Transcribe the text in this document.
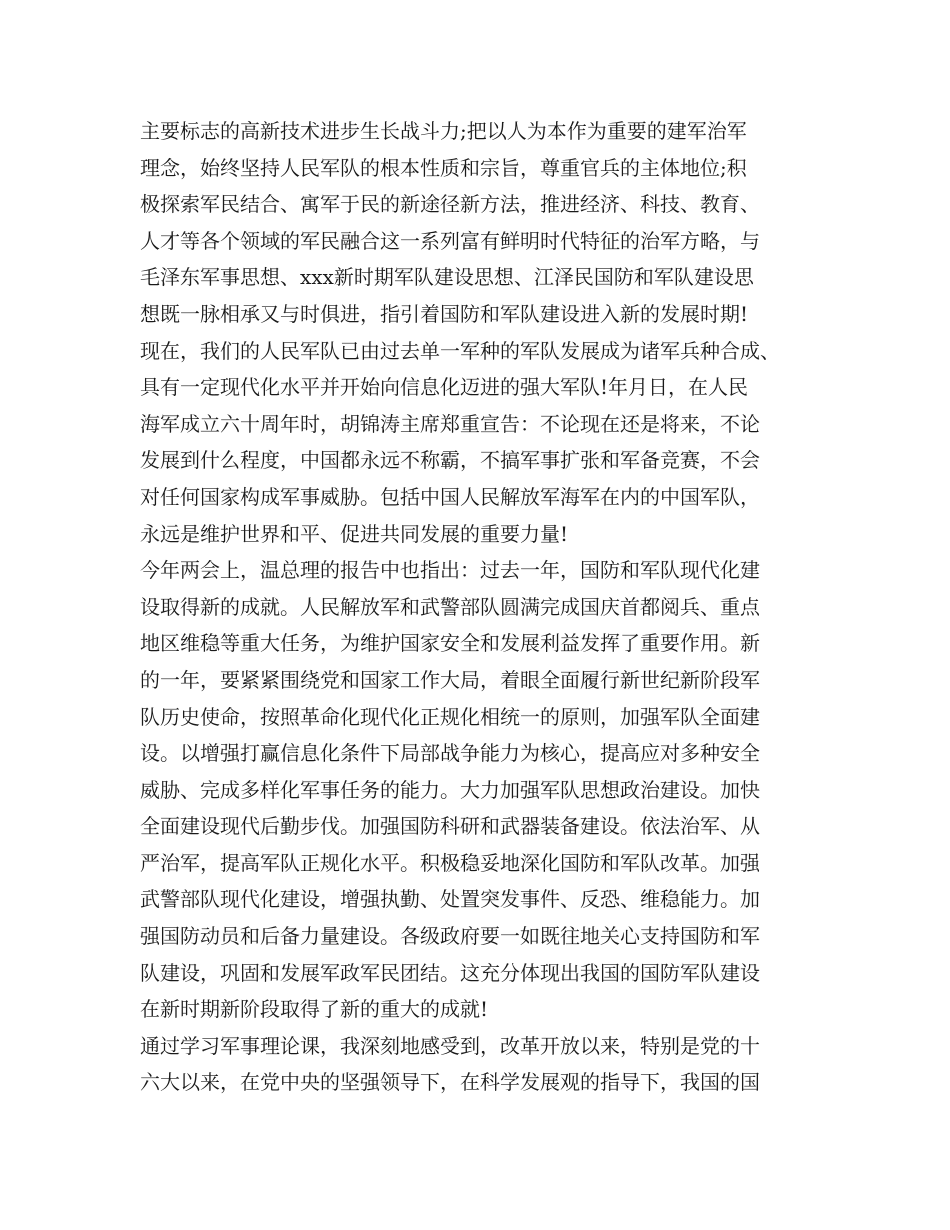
主要标志的高新技术进步生长战斗力;把以人为本作为重要的建军治军
理念，始终坚持人民军队的根本性质和宗旨，尊重官兵的主体地位;积
极探索军民结合、寓军于民的新途径新方法，推进经济、科技、教育、
人才等各个领域的军民融合这一系列富有鲜明时代特征的治军方略，与
毛泽东军事思想、xxx新时期军队建设思想、江泽民国防和军队建设思
想既一脉相承又与时俱进，指引着国防和军队建设进入新的发展时期!
现在，我们的人民军队已由过去单一军种的军队发展成为诸军兵种合成、
具有一定现代化水平并开始向信息化迈进的强大军队!年月日，在人民
海军成立六十周年时，胡锦涛主席郑重宣告：不论现在还是将来，不论
发展到什么程度，中国都永远不称霸，不搞军事扩张和军备竞赛，不会
对任何国家构成军事威胁。包括中国人民解放军海军在内的中国军队，
永远是维护世界和平、促进共同发展的重要力量!
今年两会上，温总理的报告中也指出：过去一年，国防和军队现代化建
设取得新的成就。人民解放军和武警部队圆满完成国庆首都阅兵、重点
地区维稳等重大任务，为维护国家安全和发展利益发挥了重要作用。新
的一年，要紧紧围绕党和国家工作大局，着眼全面履行新世纪新阶段军
队历史使命，按照革命化现代化正规化相统一的原则，加强军队全面建
设。以增强打赢信息化条件下局部战争能力为核心，提高应对多种安全
威胁、完成多样化军事任务的能力。大力加强军队思想政治建设。加快
全面建设现代后勤步伐。加强国防科研和武器装备建设。依法治军、从
严治军，提高军队正规化水平。积极稳妥地深化国防和军队改革。加强
武警部队现代化建设，增强执勤、处置突发事件、反恐、维稳能力。加
强国防动员和后备力量建设。各级政府要一如既往地关心支持国防和军
队建设，巩固和发展军政军民团结。这充分体现出我国的国防军队建设
在新时期新阶段取得了新的重大的成就!
通过学习军事理论课，我深刻地感受到，改革开放以来，特别是党的十
六大以来，在党中央的坚强领导下，在科学发展观的指导下，我国的国
